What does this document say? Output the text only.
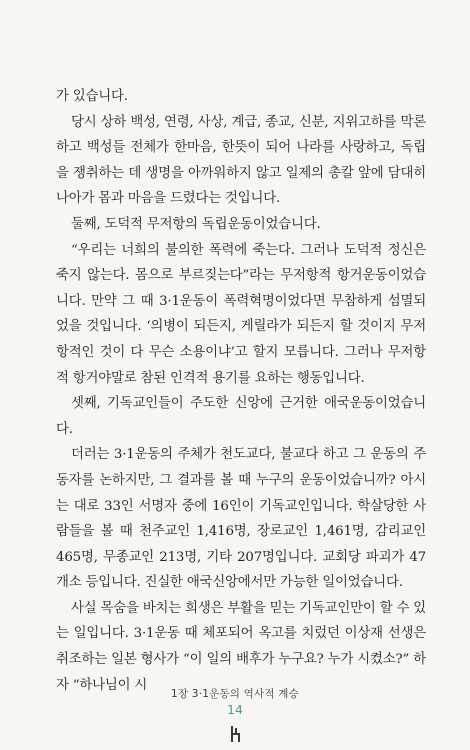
가 있습니다.

당시 상하 백성, 연령, 사상, 계급, 종교, 신분, 지위고하를 막론하고 백성들 전체가 한마음, 한뜻이 되어 나라를 사랑하고, 독립을 쟁취하는 데 생명을 아까워하지 않고 일제의 총칼 앞에 담대히 나아가 몸과 마음을 드렸다는 것입니다.

둘째, 도덕적 무저항의 독립운동이었습니다.

“우리는 너희의 불의한 폭력에 죽는다. 그러나 도덕적 정신은 죽지 않는다. 몸으로 부르짖는다”라는 무저항적 항거운동이었습니다. 만약 그 때 3·1운동이 폭력혁명이었다면 무참하게 섬멸되었을 것입니다. ‘의병이 되든지, 게릴라가 되든지 할 것이지 무저항적인 것이 다 무슨 소용이냐’고 할지 모릅니다. 그러나 무저항적 항거야말로 참된 인격적 용기를 요하는 행동입니다.

셋째, 기독교인들이 주도한 신앙에 근거한 애국운동이었습니다.

더러는 3·1운동의 주체가 천도교다, 불교다 하고 그 운동의 주동자를 논하지만, 그 결과를 볼 때 누구의 운동이었습니까? 아시는 대로 33인 서명자 중에 16인이 기독교인입니다. 학살당한 사람들을 볼 때 천주교인 1,416명, 장로교인 1,461명, 감리교인 465명, 무종교인 213명, 기타 207명입니다. 교회당 파괴가 47개소 등입니다. 진실한 애국신앙에서만 가능한 일이었습니다.

사실 목숨을 바치는 희생은 부활을 믿는 기독교인만이 할 수 있는 일입니다. 3·1운동 때 체포되어 옥고를 치렀던 이상재 선생은 취조하는 일본 형사가 “이 일의 배후가 누구요? 누가 시켰소?” 하자 “하나님이 시

1장 3·1운동의 역사적 계승
14
